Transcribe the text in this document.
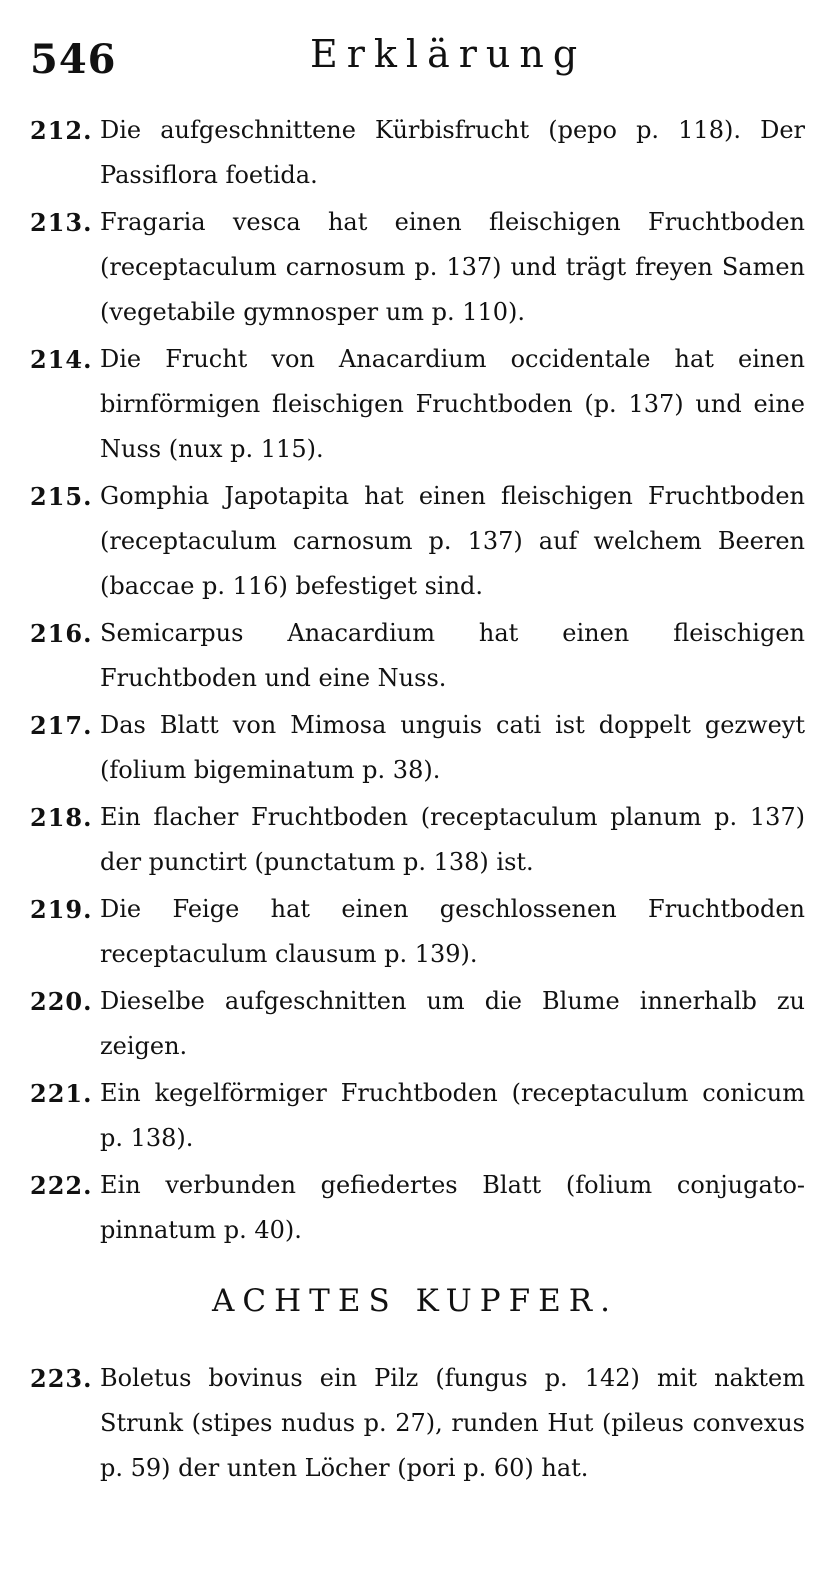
546	Erklärung
212. Die aufgeschnittene Kürbisfrucht (pepo p. 118). Der Passiflora foetida.
213. Fragaria vesca hat einen fleischigen Fruchtboden (receptaculum carnosum p. 137) und trägt freyen Samen (vegetabile gymnosper um p. 110).
214. Die Frucht von Anacardium occidentale hat einen birnförmigen fleischigen Fruchtboden (p. 137) und eine Nuss (nux p. 115).
215. Gomphia Japotapita hat einen fleischigen Fruchtboden (receptaculum carnosum p. 137) auf welchem Beeren (baccae p. 116) befestiget sind.
216. Semicarpus Anacardium hat einen fleischigen Fruchtboden und eine Nuss.
217. Das Blatt von Mimosa unguis cati ist doppelt gezweyt (folium bigeminatum p. 38).
218. Ein flacher Fruchtboden (receptaculum planum p. 137) der punctirt (punctatum p. 138) ist.
219. Die Feige hat einen geschlossenen Fruchtboden receptaculum clausum p. 139).
220. Dieselbe aufgeschnitten um die Blume innerhalb zu zeigen.
221. Ein kegelförmiger Fruchtboden (receptaculum conicum p. 138).
222. Ein verbunden gefiedertes Blatt (folium conjugato-pinnatum p. 40).
ACHTES KUPFER.
223. Boletus bovinus ein Pilz (fungus p. 142) mit naktem Strunk (stipes nudus p. 27), runden Hut (pileus convexus p. 59) der unten Löcher (pori p. 60) hat.
